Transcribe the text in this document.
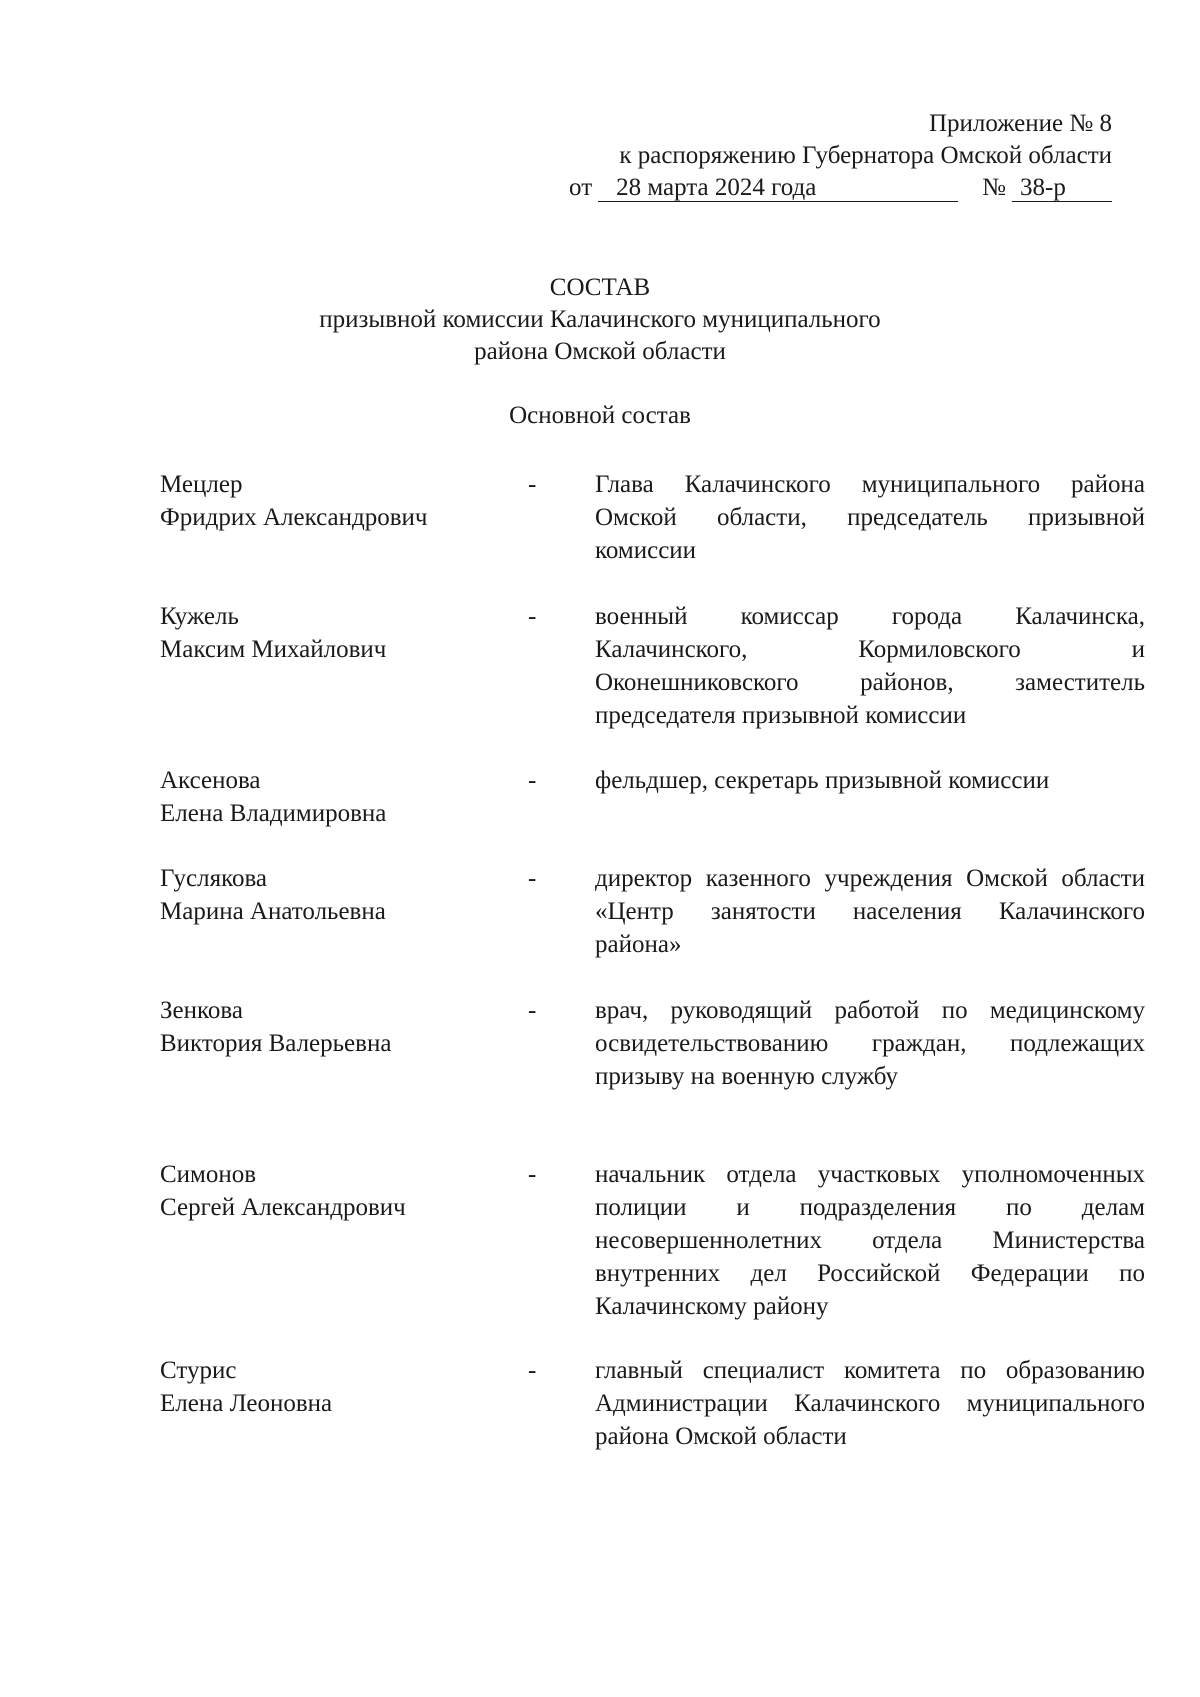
Приложение № 8
к распоряжению Губернатора Омской области
от 28 марта 2024 года	№ 38-р
СОСТАВ
призывной комиссии Калачинского муниципального
района Омской области
Основной состав
Мецлер
Фридрих Александрович
-	Глава Калачинского муниципального района Омской области, председатель призывной комиссии
Кужель
Максим Михайлович
-	военный комиссар города Калачинска, Калачинского, Кормиловского и Оконешниковского районов, заместитель председателя призывной комиссии
Аксенова
Елена Владимировна
-	фельдшер, секретарь призывной комиссии
Гуслякова
Марина Анатольевна
-	директор казенного учреждения Омской области «Центр занятости населения Калачинского района»
Зенкова
Виктория Валерьевна
-	врач, руководящий работой по медицинскому освидетельствованию граждан, подлежащих призыву на военную службу
Симонов
Сергей Александрович
-	начальник отдела участковых уполномоченных полиции и подразделения по делам несовершеннолетних отдела Министерства внутренних дел Российской Федерации по Калачинскому району
Стурис
Елена Леоновна
-	главный специалист комитета по образованию Администрации Калачинского муниципального района Омской области
